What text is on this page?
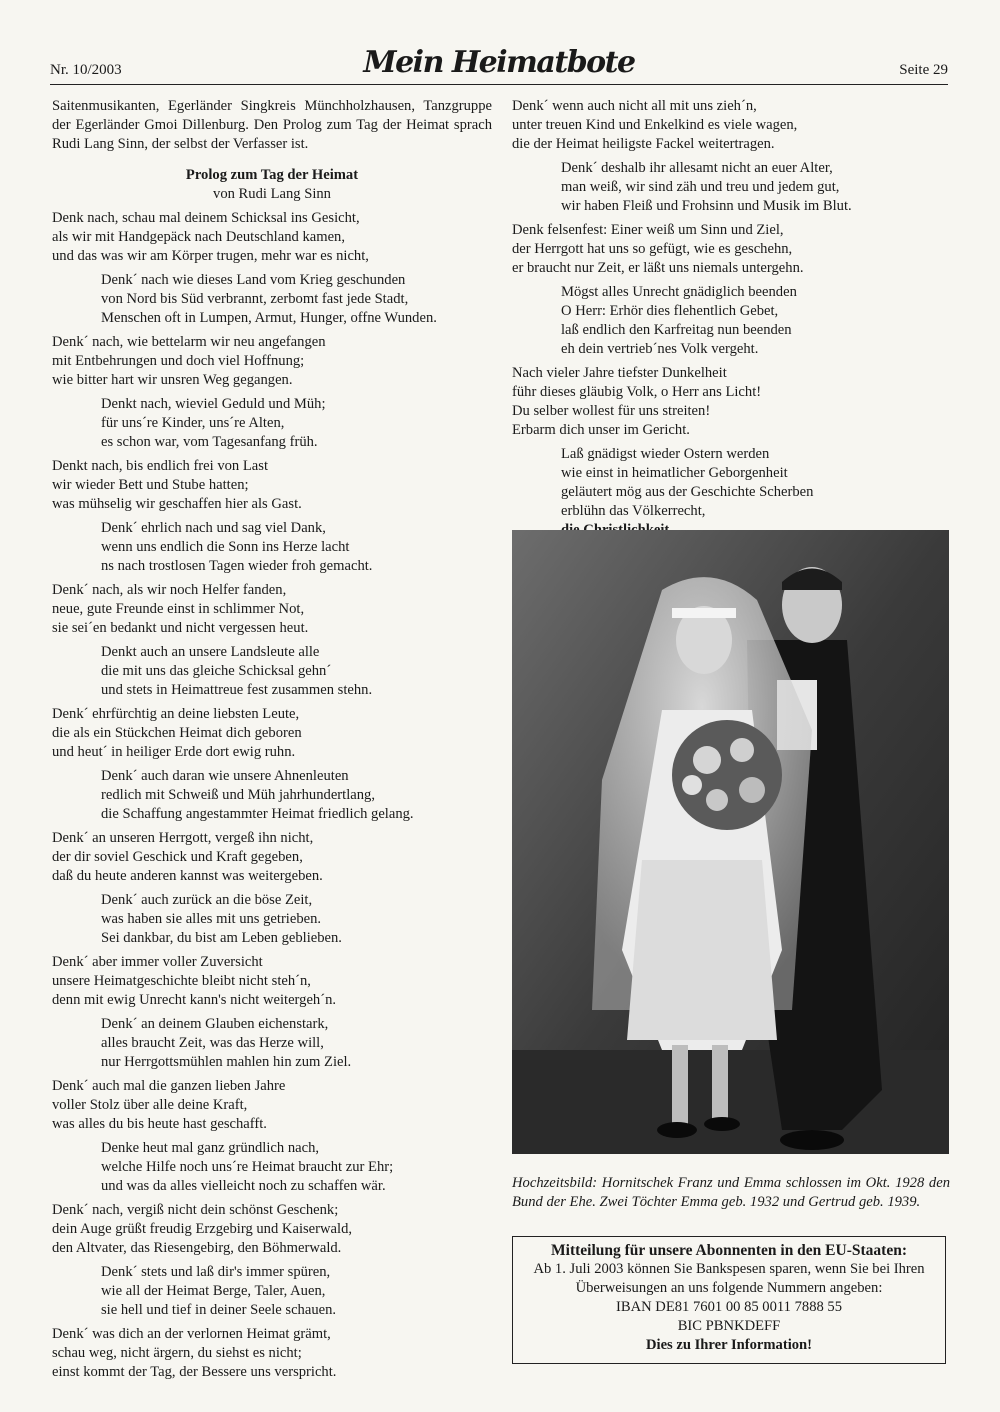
Nr. 10/2003	Mein Heimatbote	Seite 29

Saitenmusikanten, Egerländer Singkreis Münchholzhausen, Tanzgruppe der Egerländer Gmoi Dillenburg. Den Prolog zum Tag der Heimat sprach Rudi Lang Sinn, der selbst der Verfasser ist.

Prolog zum Tag der Heimat

von Rudi Lang Sinn

Denk nach, schau mal deinem Schicksal ins Gesicht,
als wir mit Handgepäck nach Deutschland kamen,
und das was wir am Körper trugen, mehr war es nicht,
Denk´ nach wie dieses Land vom Krieg geschunden
von Nord bis Süd verbrannt, zerbomt fast jede Stadt,
Menschen oft in Lumpen, Armut, Hunger, offne Wunden.
Denk´ nach, wie bettelarm wir neu angefangen
mit Entbehrungen und doch viel Hoffnung;
wie bitter hart wir unsren Weg gegangen.
Denkt nach, wieviel Geduld und Müh;
für uns´re Kinder, uns´re Alten,
es schon war, vom Tagesanfang früh.
Denkt nach, bis endlich frei von Last
wir wieder Bett und Stube hatten;
was mühselig wir geschaffen hier als Gast.
Denk´ ehrlich nach und sag viel Dank,
wenn uns endlich die Sonn ins Herze lacht
ns nach trostlosen Tagen wieder froh gemacht.
Denk´ nach, als wir noch Helfer fanden,
neue, gute Freunde einst in schlimmer Not,
sie sei´en bedankt und nicht vergessen heut.
Denkt auch an unsere Landsleute alle
die mit uns das gleiche Schicksal gehn´
und stets in Heimattreue fest zusammen stehn.
Denk´ ehrfürchtig an deine liebsten Leute,
die als ein Stückchen Heimat dich geboren
und heut´ in heiliger Erde dort ewig ruhn.
Denk´ auch daran wie unsere Ahnenleuten
redlich mit Schweiß und Müh jahrhundertlang,
die Schaffung angestammter Heimat friedlich gelang.
Denk´ an unseren Herrgott, vergeß ihn nicht,
der dir soviel Geschick und Kraft gegeben,
daß du heute anderen kannst was weitergeben.
Denk´ auch zurück an die böse Zeit,
was haben sie alles mit uns getrieben.
Sei dankbar, du bist am Leben geblieben.
Denk´ aber immer voller Zuversicht
unsere Heimatgeschichte bleibt nicht steh´n,
denn mit ewig Unrecht kann's nicht weitergeh´n.
Denk´ an deinem Glauben eichenstark,
alles braucht Zeit, was das Herze will,
nur Herrgottsmühlen mahlen hin zum Ziel.
Denk´ auch mal die ganzen lieben Jahre
voller Stolz über alle deine Kraft,
was alles du bis heute hast geschafft.
Denke heut mal ganz gründlich nach,
welche Hilfe noch uns´re Heimat braucht zur Ehr;
und was da alles vielleicht noch zu schaffen wär.
Denk´ nach, vergiß nicht dein schönst Geschenk;
dein Auge grüßt freudig Erzgebirg und Kaiserwald,
den Altvater, das Riesengebirg, den Böhmerwald.
Denk´ stets und laß dir's immer spüren,
wie all der Heimat Berge, Taler, Auen,
sie hell und tief in deiner Seele schauen.
Denk´ was dich an der verlornen Heimat grämt,
schau weg, nicht ärgern, du siehst es nicht;
einst kommt der Tag, der Bessere uns verspricht.
Denk´ wenn auch nicht all mit uns zieh´n,
unter treuen Kind und Enkelkind es viele wagen,
die der Heimat heiligste Fackel weitertragen.
Denk´ deshalb ihr allesamt nicht an euer Alter,
man weiß, wir sind zäh und treu und jedem gut,
wir haben Fleiß und Frohsinn und Musik im Blut.
Denk felsenfest: Einer weiß um Sinn und Ziel,
der Herrgott hat uns so gefügt, wie es geschehn,
er braucht nur Zeit, er läßt uns niemals untergehn.
Mögst alles Unrecht gnädiglich beenden
O Herr: Erhör dies flehentlich Gebet,
laß endlich den Karfreitag nun beenden
eh dein vertrieb´nes Volk vergeht.
Nach vieler Jahre tiefster Dunkelheit
führ dieses gläubig Volk, o Herr ans Licht!
Du selber wollest für uns streiten!
Erbarm dich unser im Gericht.
Laß gnädigst wieder Ostern werden
wie einst in heimatlicher Geborgenheit
geläutert mög aus der Geschichte Scherben
erblühn das Völkerrecht,

Hochzeitsbild: Hornitschek Franz und Emma schlossen im Okt. 1928 den Bund der Ehe. Zwei Töchter Emma geb. 1932 und Gertrud geb. 1939.

Mitteilung für unsere Abonnenten in den EU-Staaten:
Ab 1. Juli 2003 können Sie Bankspesen sparen, wenn Sie bei Ihren Überweisungen an uns folgende Nummern angeben:
IBAN DE81 7601 00 85 0011 7888 55
BIC PBNKDEFF
Dies zu Ihrer Information!
